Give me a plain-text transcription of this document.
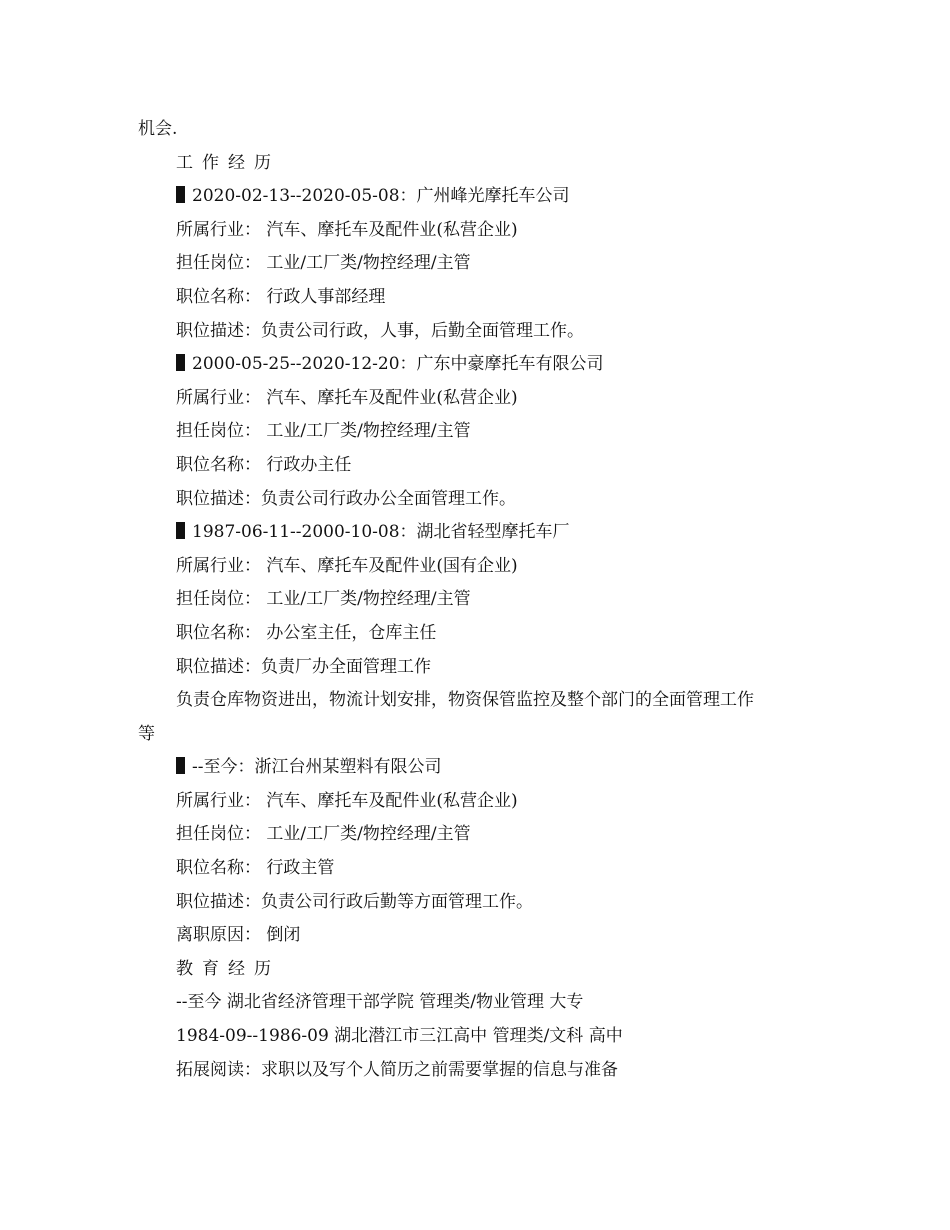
机会.
工作经历
2020-02-13--2020-05-08：广州峰光摩托车公司
所属行业： 汽车、摩托车及配件业(私营企业)
担任岗位： 工业/工厂类/物控经理/主管
职位名称： 行政人事部经理
职位描述：负责公司行政，人事，后勤全面管理工作。
2000-05-25--2020-12-20：广东中豪摩托车有限公司
所属行业： 汽车、摩托车及配件业(私营企业)
担任岗位： 工业/工厂类/物控经理/主管
职位名称： 行政办主任
职位描述：负责公司行政办公全面管理工作。
1987-06-11--2000-10-08：湖北省轻型摩托车厂
所属行业： 汽车、摩托车及配件业(国有企业)
担任岗位： 工业/工厂类/物控经理/主管
职位名称： 办公室主任，仓库主任
职位描述：负责厂办全面管理工作
负责仓库物资进出，物流计划安排，物资保管监控及整个部门的全面管理工作
等
--至今：浙江台州某塑料有限公司
所属行业： 汽车、摩托车及配件业(私营企业)
担任岗位： 工业/工厂类/物控经理/主管
职位名称： 行政主管
职位描述：负责公司行政后勤等方面管理工作。
离职原因： 倒闭
教育经历
--至今 湖北省经济管理干部学院 管理类/物业管理 大专
1984-09--1986-09 湖北潜江市三江高中 管理类/文科 高中
拓展阅读：求职以及写个人简历之前需要掌握的信息与准备
